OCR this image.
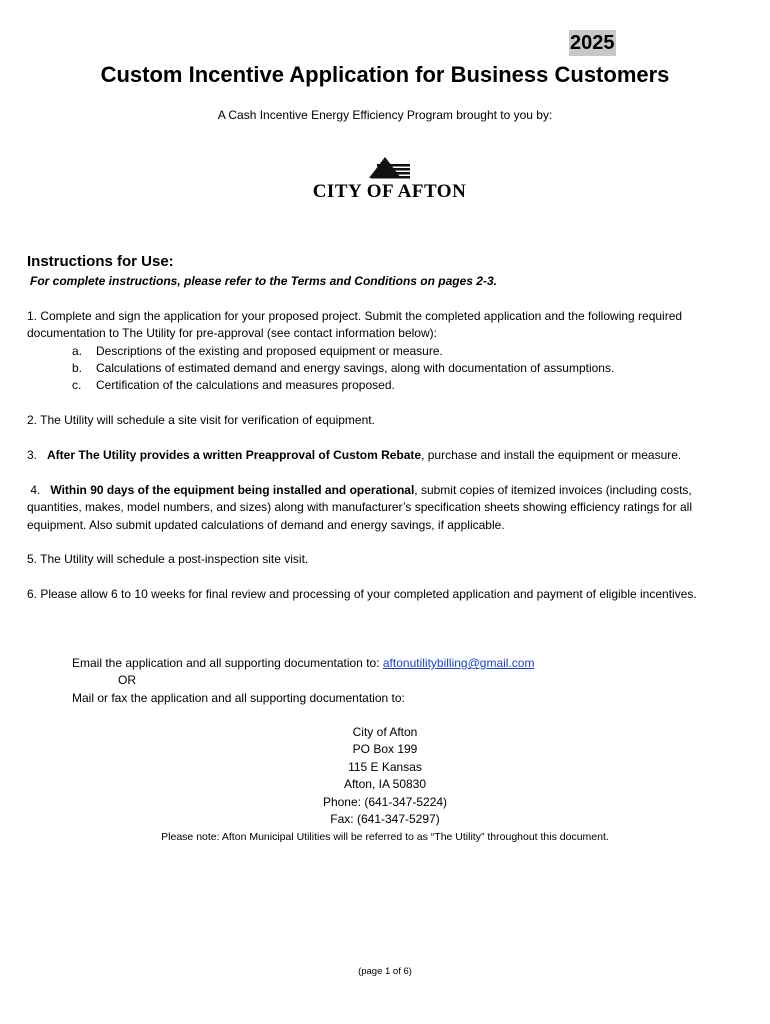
2025
Custom Incentive Application for Business Customers
A Cash Incentive Energy Efficiency Program brought to you by:
CITY OF AFTON
Instructions for Use:
For complete instructions, please refer to the Terms and Conditions on pages 2-3.
1. Complete and sign the application for your proposed project. Submit the completed application and the following required documentation to The Utility for pre-approval (see contact information below):
a. Descriptions of the existing and proposed equipment or measure.
b. Calculations of estimated demand and energy savings, along with documentation of assumptions.
c. Certification of the calculations and measures proposed.
2. The Utility will schedule a site visit for verification of equipment.
3.   After The Utility provides a written Preapproval of Custom Rebate, purchase and install the equipment or measure.
4.   Within 90 days of the equipment being installed and operational, submit copies of itemized invoices (including costs, quantities, makes, model numbers, and sizes) along with manufacturer’s specification sheets showing efficiency ratings for all equipment. Also submit updated calculations of demand and energy savings, if applicable.
5. The Utility will schedule a post-inspection site visit.
6. Please allow 6 to 10 weeks for final review and processing of your completed application and payment of eligible incentives.
Email the application and all supporting documentation to: aftonutilitybilling@gmail.com
OR
Mail or fax the application and all supporting documentation to:
City of Afton
PO Box 199
115 E Kansas
Afton, IA 50830
Phone: (641-347-5224)
Fax: (641-347-5297)
Please note: Afton Municipal Utilities will be referred to as “The Utility” throughout this document.
(page 1 of 6)
